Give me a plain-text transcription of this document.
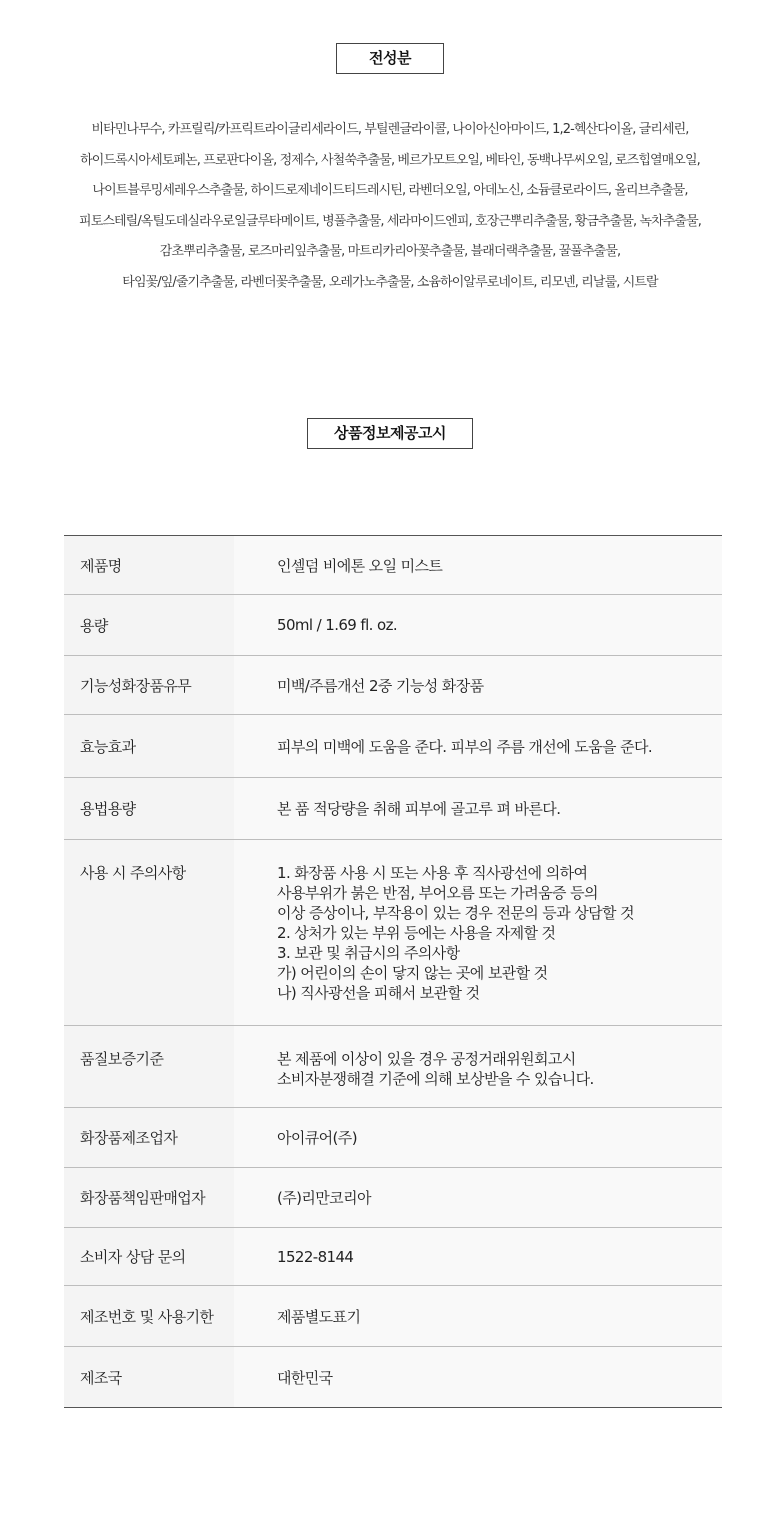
전성분
비타민나무수, 카프릴릭/카프릭트라이글리세라이드, 부틸렌글라이콜, 나이아신아마이드, 1,2-헥산다이올, 글리세린,
하이드록시아세토페논, 프로판다이올, 정제수, 사철쑥추출물, 베르가모트오일, 베타인, 동백나무씨오일, 로즈힙열매오일,
나이트블루밍세레우스추출물, 하이드로제네이드티드레시틴, 라벤더오일, 아데노신, 소듐클로라이드, 올리브추출물,
피토스테릴/옥틸도데실라우로일글루타메이트, 병풀추출물, 세라마이드엔피, 호장근뿌리추출물, 황금추출물, 녹차추출물,
감초뿌리추출물, 로즈마리잎추출물, 마트리카리아꽃추출물, 블래더랙추출물, 꿀풀추출물,
타임꽃/잎/줄기추출물, 라벤더꽃추출물, 오레가노추출물, 소윰하이알루로네이트, 리모넨, 리날룰, 시트랄
상품정보제공고시
제품명	인셀덤 비에톤 오일 미스트
용량	50ml / 1.69 fl. oz.
기능성화장품유무	미백/주름개선 2중 기능성 화장품
효능효과	피부의 미백에 도움을 준다. 피부의 주름 개선에 도움을 준다.
용법용량	본 품 적당량을 취해 피부에 골고루 펴 바른다.
사용 시 주의사항	1. 화장품 사용 시 또는 사용 후 직사광선에 의하여
사용부위가 붉은 반점, 부어오름 또는 가려움증 등의
이상 증상이나, 부작용이 있는 경우 전문의 등과 상담할 것
2. 상처가 있는 부위 등에는 사용을 자제할 것
3. 보관 및 취급시의 주의사항
가) 어린이의 손이 닿지 않는 곳에 보관할 것
나) 직사광선을 피해서 보관할 것
품질보증기준	본 제품에 이상이 있을 경우 공정거래위원회고시
소비자분쟁해결 기준에 의해 보상받을 수 있습니다.
화장품제조업자	아이큐어(주)
화장품책임판매업자	(주)리만코리아
소비자 상담 문의	1522-8144
제조번호 및 사용기한	제품별도표기
제조국	대한민국
